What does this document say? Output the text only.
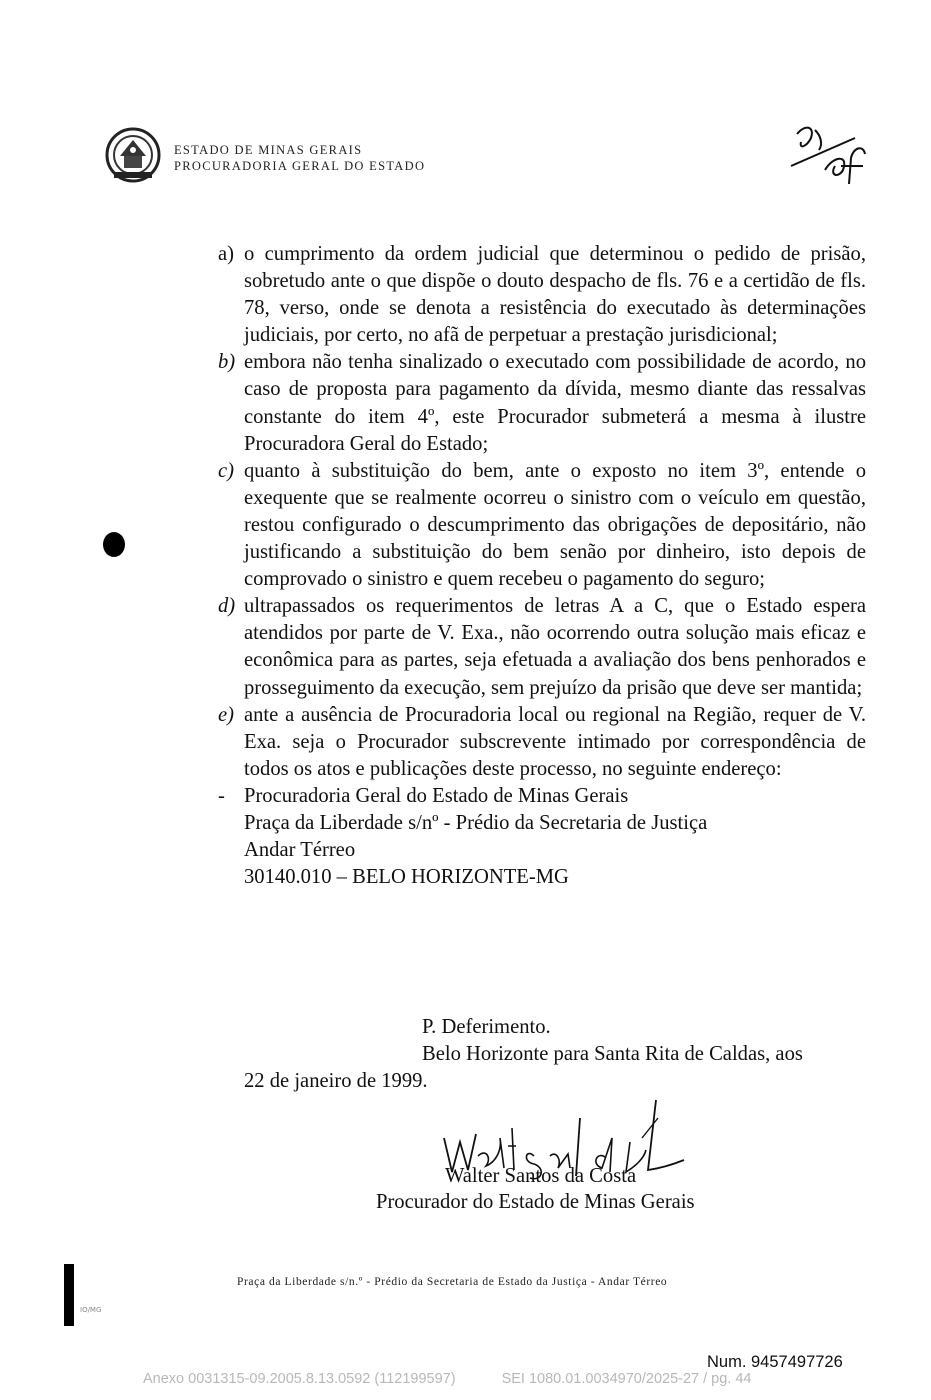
ESTADO DE MINAS GERAIS
PROCURADORIA GERAL DO ESTADO
a) o cumprimento da ordem judicial que determinou o pedido de prisão, sobretudo ante o que dispõe o douto despacho de fls. 76 e a certidão de fls. 78, verso, onde se denota a resistência do executado às determinações judiciais, por certo, no afã de perpetuar a prestação jurisdicional;
b) embora não tenha sinalizado o executado com possibilidade de acordo, no caso de proposta para pagamento da dívida, mesmo diante das ressalvas constante do item 4º, este Procurador submeterá a mesma à ilustre Procuradora Geral do Estado;
c) quanto à substituição do bem, ante o exposto no item 3º, entende o exequente que se realmente ocorreu o sinistro com o veículo em questão, restou configurado o descumprimento das obrigações de depositário, não justificando a substituição do bem senão por dinheiro, isto depois de comprovado o sinistro e quem recebeu o pagamento do seguro;
d) ultrapassados os requerimentos de letras A a C, que o Estado espera atendidos por parte de V. Exa., não ocorrendo outra solução mais eficaz e econômica para as partes, seja efetuada a avaliação dos bens penhorados e prosseguimento da execução, sem prejuízo da prisão que deve ser mantida;
e) ante a ausência de Procuradoria local ou regional na Região, requer de V. Exa. seja o Procurador subscrevente intimado por correspondência de todos os atos e publicações deste processo, no seguinte endereço:
- Procuradoria Geral do Estado de Minas Gerais
Praça da Liberdade s/nº - Prédio da Secretaria de Justiça
Andar Térreo
30140.010 – BELO HORIZONTE-MG
P. Deferimento.
Belo Horizonte para Santa Rita de Caldas, aos
22 de janeiro de 1999.
Walter Santos da Costa
Procurador do Estado de Minas Gerais
Praça da Liberdade s/n.º - Prédio da Secretaria de Estado da Justiça - Andar Térreo
IO/MG
Num. 9457497726
Anexo 0031315-09.2005.8.13.0592 (112199597)	SEI 1080.01.0034970/2025-27 / pg. 44
